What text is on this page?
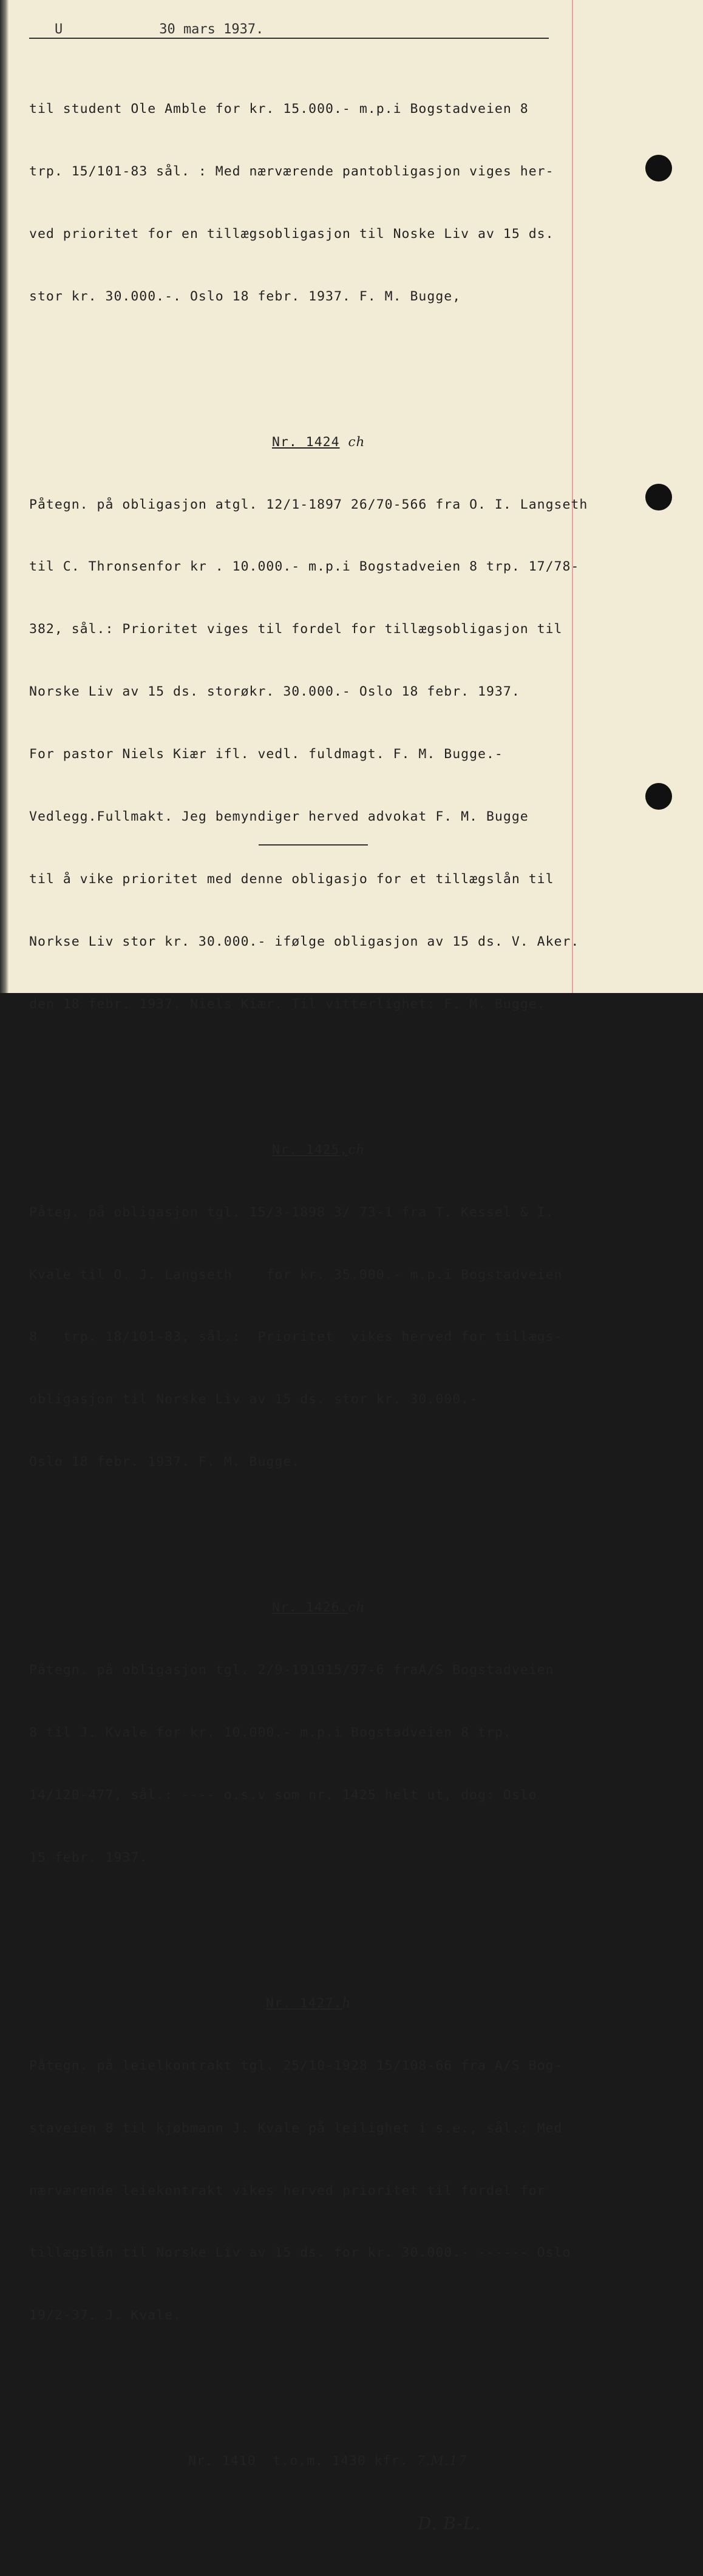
U	30 mars 1937.

til student Ole Amble for kr. 15.000.- m.p.i Bogstadveien 8

trp. 15/101-83 sål. : Med nærværende pantobligasjon viges her-

ved prioritet for en tillægsobligasjon til Noske Liv av 15 ds.

stor kr. 30.000.-. Oslo 18 febr. 1937. F. M. Bugge,

Nr. 1424 ch

Påtegn. på obligasjon atgl. 12/1-1897 26/70-566 fra O. I. Langseth

til C. Thronsenfor kr . 10.000.- m.p.i Bogstadveien 8 trp. 17/78-

382, sål.: Prioritet viges til fordel for tillægsobligasjon til

Norske Liv av 15 ds. storøkr. 30.000.- Oslo 18 febr. 1937.

For pastor Niels Kiær ifl. vedl. fuldmagt. F. M. Bugge.-

Vedlegg.Fullmakt. Jeg bemyndiger herved advokat F. M. Bugge

til å vike prioritet med denne obligasjo for et tillægslån til

Norkse Liv stor kr. 30.000.- ifølge obligasjon av 15 ds. V. Aker.

den 18 febr. 1937. Niels Kiær. Til vitterlighet: F. M. Bugge.

Nr. 1425,ch

Påteg. på obligasjon tgl. 15/3-1898 3/ 73-1 fra T. Kessel & I.

Kvale til O. J. Langseth    for kr. 35.000.- m.p.i Bogstadveien

8   trp. 18/101-83, sål.:  Prioritet  vikes herved for tillægs-

obligasjon til Norske Liv av 15 ds. stor kr. 30.000.-

Oslo 18 febr. 1937. F. M. Bugge.

Nr. 1426.ch

Påtegn. på obligasjon tgl. 2/9-191915/97-6 fraA/S Bogstadveien

8 til J. Kvale for kr. 10.000.- m.p.i Bogstadveien 8 trp.

14/120-477, sål.: ---- o.s.v som nr. 1425 helt ut, dog: Oslo

15 febr. 1937.

Nr. 1427.h

Påtegn. på leielkontrakt tgl. 25/10-1928 15/108-66 fra A/S Bog-

staveien 8 til kjøbmann J. Kvale på leilighet i s.e., sål.: Med

nærværende leiekontrakt vikes herved prioritet til fordel for

tillægslån til Norske Liv av 15 ds. for kr. 30.000.- ------ Oslo

19/2-37. J. Kvale.

Nr. 1410  t.o.m. 1430 kfr. 7.M.17

D. B-L.
